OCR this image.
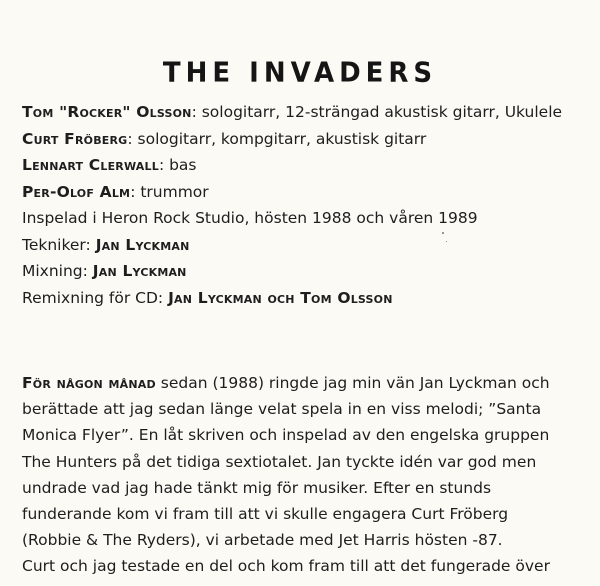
THE INVADERS
Tom "Rocker" Olsson: sologitarr, 12-strängad akustisk gitarr, Ukulele
Curt Fröberg: sologitarr, kompgitarr, akustisk gitarr
Lennart Clerwall: bas
Per-Olof Alm: trummor
Inspelad i Heron Rock Studio, hösten 1988 och våren 1989
Tekniker: Jan Lyckman
Mixning: Jan Lyckman
Remixning för CD: Jan Lyckman och Tom Olsson
För någon månad sedan (1988) ringde jag min vän Jan Lyckman och
berättade att jag sedan länge velat spela in en viss melodi; ”Santa
Monica Flyer”. En låt skriven och inspelad av den engelska gruppen
The Hunters på det tidiga sextiotalet. Jan tyckte idén var god men
undrade vad jag hade tänkt mig för musiker. Efter en stunds
funderande kom vi fram till att vi skulle engagera Curt Fröberg
(Robbie & The Ryders), vi arbetade med Jet Harris hösten -87.
Curt och jag testade en del och kom fram till att det fungerade över
